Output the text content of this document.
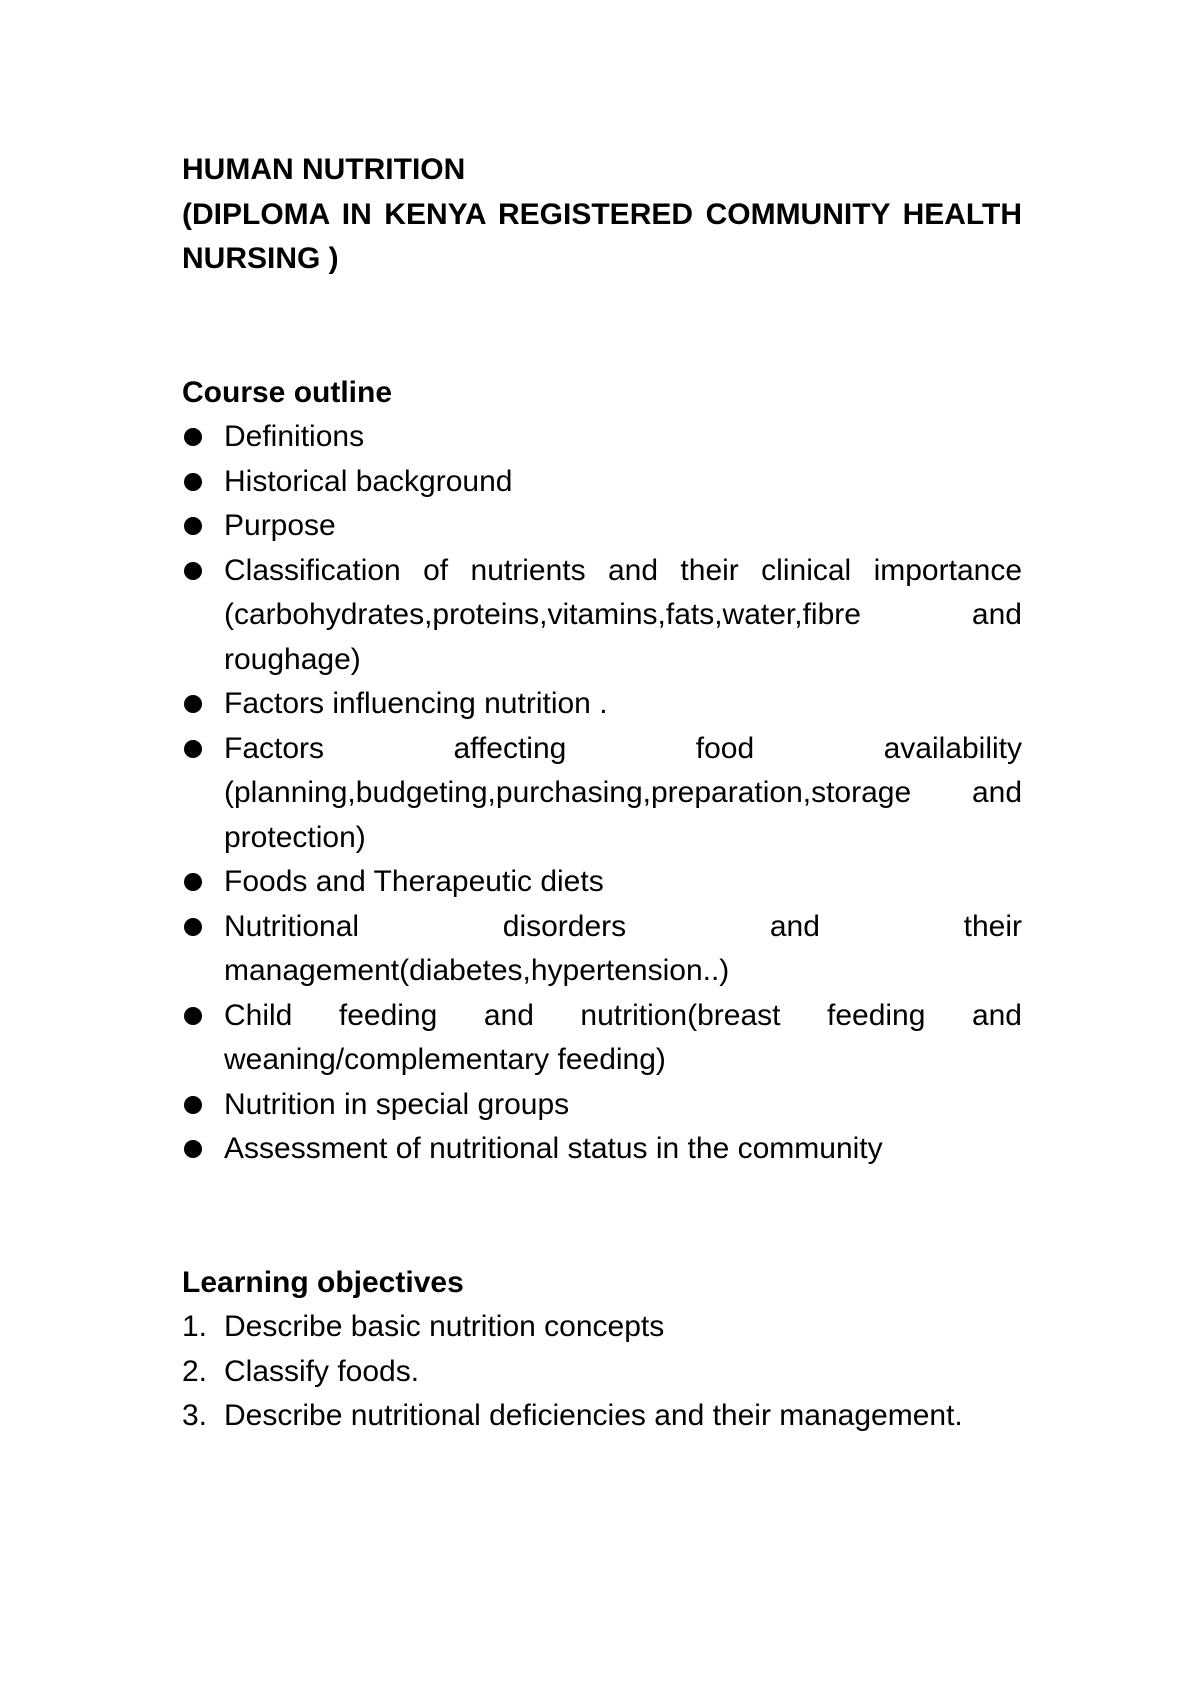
HUMAN NUTRITION
(DIPLOMA IN KENYA REGISTERED COMMUNITY HEALTH NURSING )
Course outline
Definitions
Historical background
Purpose
Classification of nutrients and their clinical importance (carbohydrates,proteins,vitamins,fats,water,fibre and roughage)
Factors influencing nutrition .
Factors affecting food availability (planning,budgeting,purchasing,preparation,storage and protection)
Foods and Therapeutic diets
Nutritional disorders and their management(diabetes,hypertension..)
Child feeding and nutrition(breast feeding and weaning/complementary feeding)
Nutrition in special groups
Assessment of nutritional status in the community
Learning objectives
1. Describe basic nutrition concepts
2. Classify foods.
3. Describe nutritional deficiencies and their management.
